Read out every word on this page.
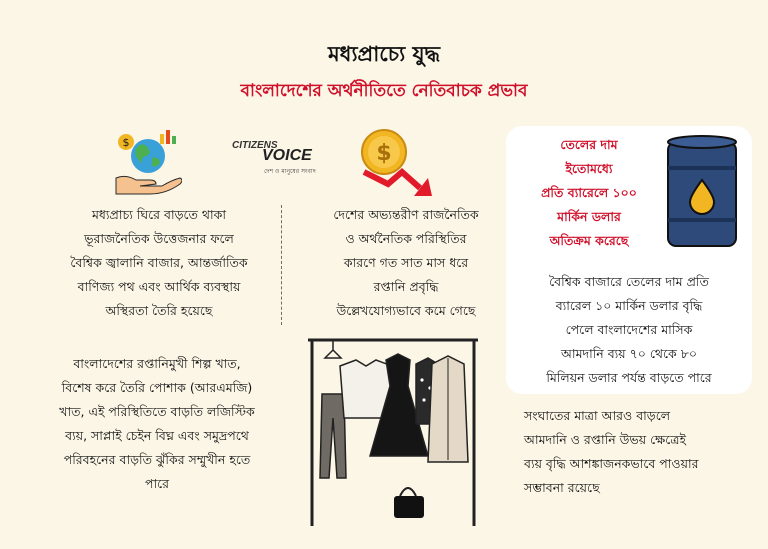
মধ্যপ্রাচ্যে যুদ্ধ
বাংলাদেশের অর্থনীতিতে নেতিবাচক প্রভাব
$	CITIZENS
VOICE
দেশ ও মানুষের সংবাদ
$
মধ্যপ্রাচ্য ঘিরে বাড়তে থাকা
ভূরাজনৈতিক উত্তেজনার ফলে
বৈশ্বিক জ্বালানি বাজার, আন্তর্জাতিক
বাণিজ্য পথ এবং আর্থিক ব্যবস্থায়
অস্থিরতা তৈরি হয়েছে
দেশের অভ্যন্তরীণ রাজনৈতিক
ও অর্থনৈতিক পরিস্থিতির
কারণে গত সাত মাস ধরে
রপ্তানি প্রবৃদ্ধি
উল্লেখযোগ্যভাবে কমে গেছে
তেলের দাম
ইতোমধ্যে
প্রতি ব্যারেলে ১০০
মার্কিন ডলার
অতিক্রম করেছে
বৈশ্বিক বাজারে তেলের দাম প্রতি
ব্যারেল ১০ মার্কিন ডলার বৃদ্ধি
পেলে বাংলাদেশের মাসিক
আমদানি ব্যয় ৭০ থেকে ৮০
মিলিয়ন ডলার পর্যন্ত বাড়তে পারে
বাংলাদেশের রপ্তানিমুখী শিল্প খাত,
বিশেষ করে তৈরি পোশাক (আরএমজি)
খাত, এই পরিস্থিতিতে বাড়তি লজিস্টিক
ব্যয়, সাপ্লাই চেইন বিঘ্ন এবং সমুদ্রপথে
পরিবহনের বাড়তি ঝুঁকির সম্মুখীন হতে
পারে
সংঘাতের মাত্রা আরও বাড়লে
আমদানি ও রপ্তানি উভয় ক্ষেত্রেই
ব্যয় বৃদ্ধি আশঙ্কাজনকভাবে পাওয়ার
সম্ভাবনা রয়েছে
